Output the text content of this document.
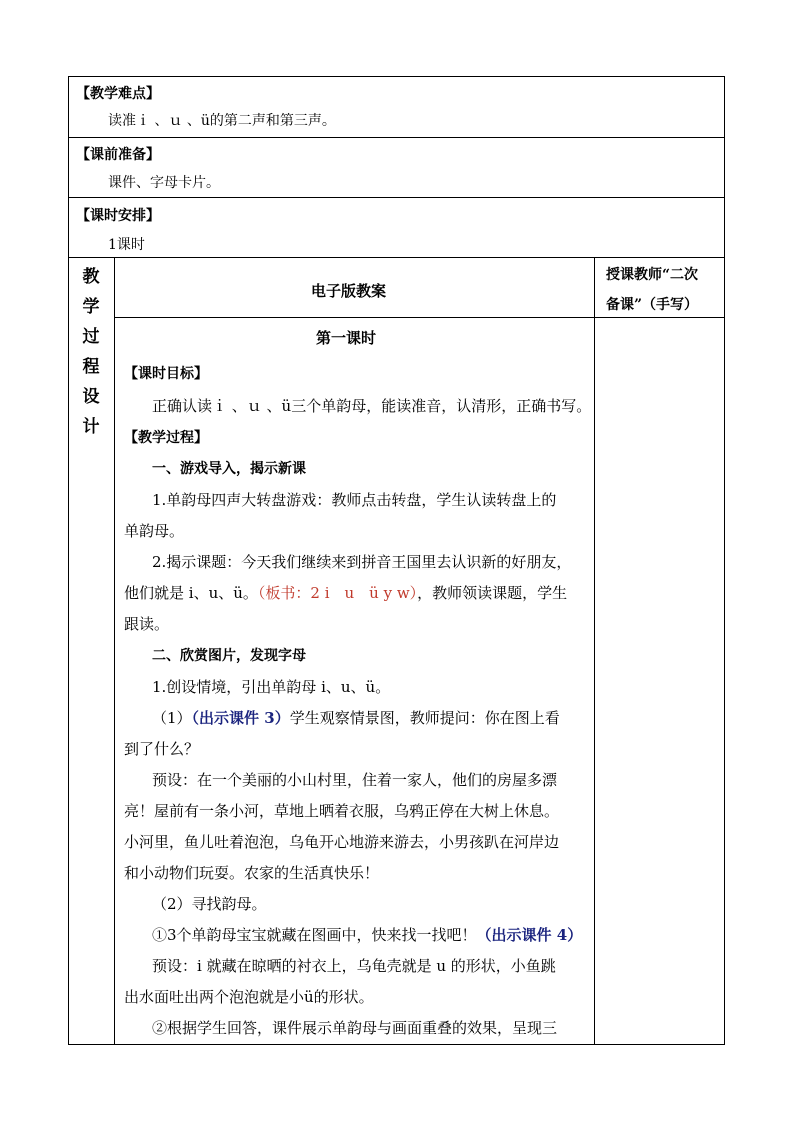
【教学难点】
读准ｉ 、ｕ 、ü的第二声和第三声。
【课前准备】
课件、字母卡片。
【课时安排】
1课时
教
学
过
程
设
计
电子版教案
授课教师“二次
备课”（手写）
第一课时
【课时目标】
正确认读ｉ 、ｕ 、ü三个单韵母，能读准音，认清形，正确书写。
【教学过程】
一、游戏导入，揭示新课
1.单韵母四声大转盘游戏：教师点击转盘，学生认读转盘上的
单韵母。
2.揭示课题：今天我们继续来到拼音王国里去认识新的好朋友，
他们就是 i、u、ü。（板书：2 i　u　ü y w），教师领读课题，学生
跟读。
二、欣赏图片，发现字母
1.创设情境，引出单韵母 i、u、ü。
（1）（出示课件 3）学生观察情景图，教师提问：你在图上看
到了什么？
预设：在一个美丽的小山村里，住着一家人，他们的房屋多漂
亮！屋前有一条小河，草地上晒着衣服，乌鸦正停在大树上休息。
小河里，鱼儿吐着泡泡，乌龟开心地游来游去，小男孩趴在河岸边
和小动物们玩耍。农家的生活真快乐！
（2）寻找韵母。
①3个单韵母宝宝就藏在图画中，快来找一找吧！（出示课件 4）
预设：i 就藏在晾晒的衬衣上，乌龟壳就是 u 的形状，小鱼跳
出水面吐出两个泡泡就是小ü的形状。
②根据学生回答，课件展示单韵母与画面重叠的效果，呈现三
